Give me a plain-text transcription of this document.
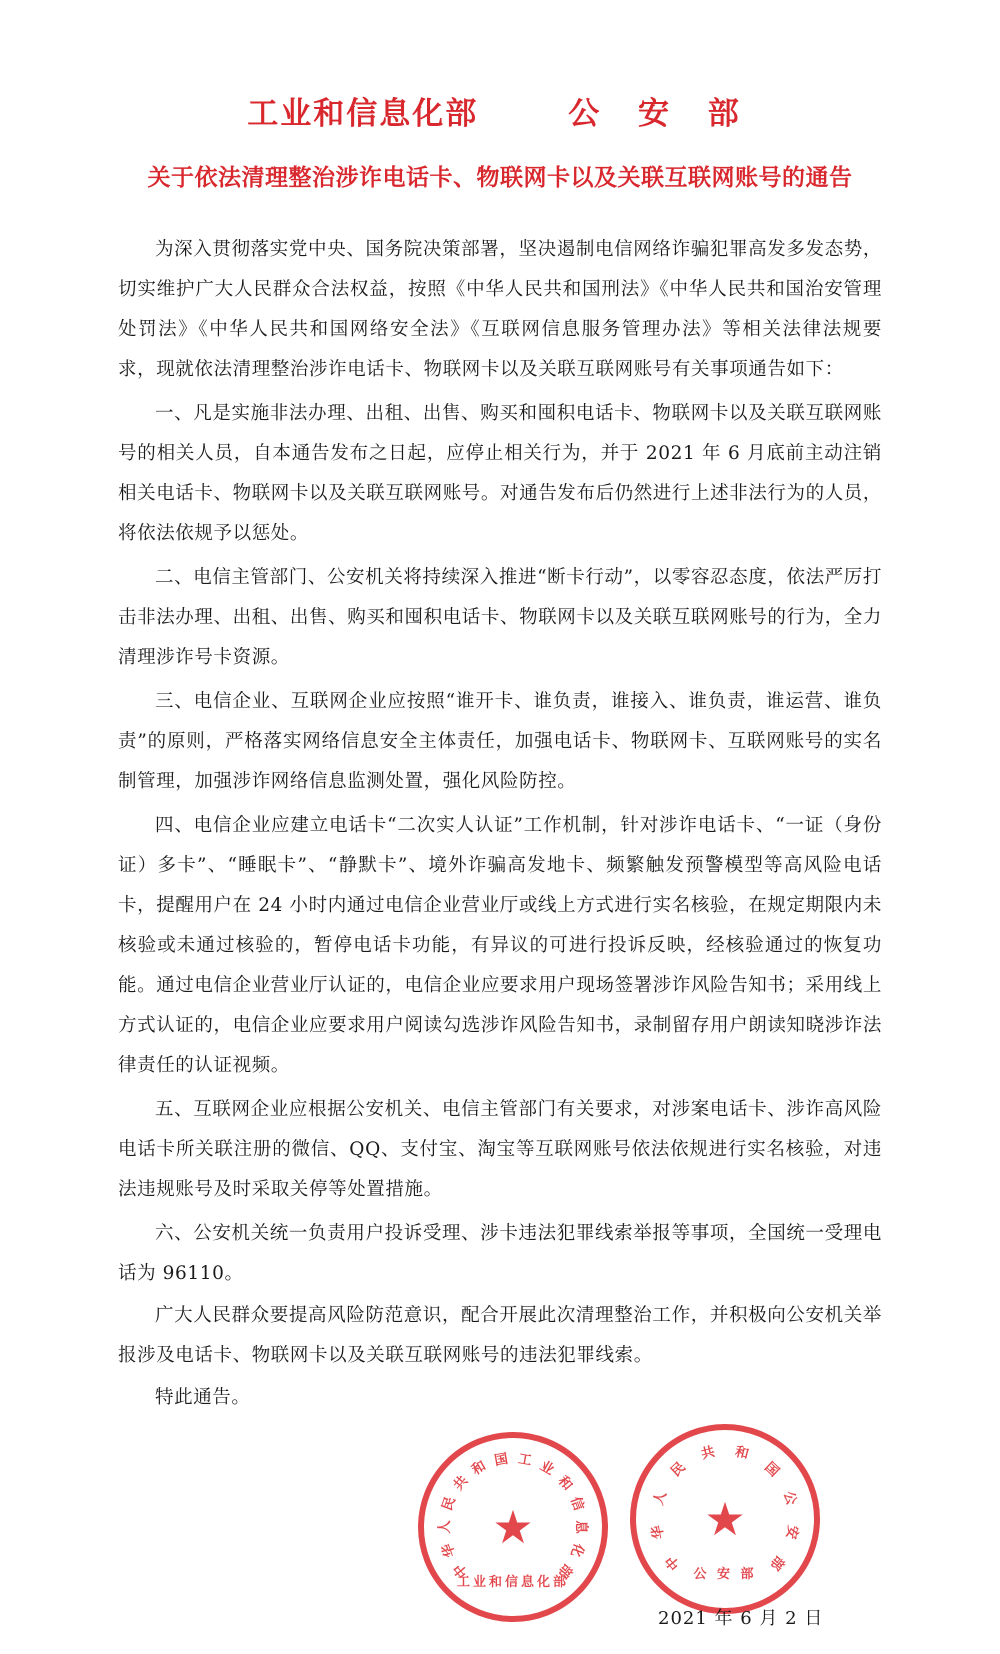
工业和信息化部	公 安 部
关于依法清理整治涉诈电话卡、物联网卡以及关联互联网账号的通告

为深入贯彻落实党中央、国务院决策部署，坚决遏制电信网络诈骗犯罪高发多发态势，切实维护广大人民群众合法权益，按照《中华人民共和国刑法》《中华人民共和国治安管理处罚法》《中华人民共和国网络安全法》《互联网信息服务管理办法》等相关法律法规要求，现就依法清理整治涉诈电话卡、物联网卡以及关联互联网账号有关事项通告如下：

一、凡是实施非法办理、出租、出售、购买和囤积电话卡、物联网卡以及关联互联网账号的相关人员，自本通告发布之日起，应停止相关行为，并于 2021 年 6 月底前主动注销相关电话卡、物联网卡以及关联互联网账号。对通告发布后仍然进行上述非法行为的人员，将依法依规予以惩处。

二、电信主管部门、公安机关将持续深入推进“断卡行动”，以零容忍态度，依法严厉打击非法办理、出租、出售、购买和囤积电话卡、物联网卡以及关联互联网账号的行为，全力清理涉诈号卡资源。

三、电信企业、互联网企业应按照“谁开卡、谁负责，谁接入、谁负责，谁运营、谁负责”的原则，严格落实网络信息安全主体责任，加强电话卡、物联网卡、互联网账号的实名制管理，加强涉诈网络信息监测处置，强化风险防控。

四、电信企业应建立电话卡“二次实人认证”工作机制，针对涉诈电话卡、“一证（身份证）多卡”、“睡眠卡”、“静默卡”、境外诈骗高发地卡、频繁触发预警模型等高风险电话卡，提醒用户在 24 小时内通过电信企业营业厅或线上方式进行实名核验，在规定期限内未核验或未通过核验的，暂停电话卡功能，有异议的可进行投诉反映，经核验通过的恢复功能。通过电信企业营业厅认证的，电信企业应要求用户现场签署涉诈风险告知书；采用线上方式认证的，电信企业应要求用户阅读勾选涉诈风险告知书，录制留存用户朗读知晓涉诈法律责任的认证视频。

五、互联网企业应根据公安机关、电信主管部门有关要求，对涉案电话卡、涉诈高风险电话卡所关联注册的微信、QQ、支付宝、淘宝等互联网账号依法依规进行实名核验，对违法违规账号及时采取关停等处置措施。

六、公安机关统一负责用户投诉受理、涉卡违法犯罪线索举报等事项，全国统一受理电话为 96110。

广大人民群众要提高风险防范意识，配合开展此次清理整治工作，并积极向公安机关举报涉及电话卡、物联网卡以及关联互联网账号的违法犯罪线索。

特此通告。

中
华
人
民
共
和 国 工 业
和
信
息
化
部
★
工业和信息化部
中
华
人
民
共 和
国
公
安
部
★
公 安 部
2021 年 6 月 2 日
